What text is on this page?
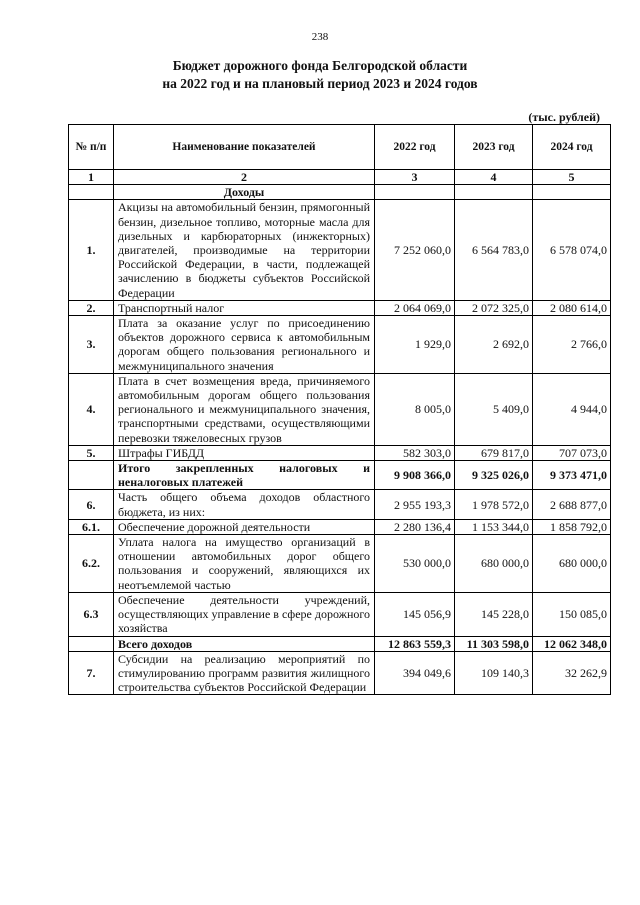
238
Бюджет дорожного фонда Белгородской области
на 2022 год и на плановый период 2023 и 2024 годов
(тыс. рублей)
№ п/п	Наименование показателей	2022 год	2023 год	2024 год
1	2	3	4	5
	Доходы			
1.	Акцизы на автомобильный бензин, прямогонный бензин, дизельное топливо, моторные масла для дизельных и карбюраторных (инжекторных) двигателей, производимые на территории Российской Федерации, в части, подлежащей зачислению в бюджеты субъектов Российской Федерации	7 252 060,0	6 564 783,0	6 578 074,0
2.	Транспортный налог	2 064 069,0	2 072 325,0	2 080 614,0
3.	Плата за оказание услуг по присоединению объектов дорожного сервиса к автомобильным дорогам общего пользования регионального и межмуниципального значения	1 929,0	2 692,0	2 766,0
4.	Плата в счет возмещения вреда, причиняемого автомобильным дорогам общего пользования регионального и межмуниципального значения, транспортными средствами, осуществляющими перевозки тяжеловесных грузов	8 005,0	5 409,0	4 944,0
5.	Штрафы ГИБДД	582 303,0	679 817,0	707 073,0
	Итого закрепленных налоговых и неналоговых платежей	9 908 366,0	9 325 026,0	9 373 471,0
6.	Часть общего объема доходов областного бюджета, из них:	2 955 193,3	1 978 572,0	2 688 877,0
6.1.	Обеспечение дорожной деятельности	2 280 136,4	1 153 344,0	1 858 792,0
6.2.	Уплата налога на имущество организаций в отношении автомобильных дорог общего пользования и сооружений, являющихся их неотъемлемой частью	530 000,0	680 000,0	680 000,0
6.3	Обеспечение деятельности учреждений, осуществляющих управление в сфере дорожного хозяйства	145 056,9	145 228,0	150 085,0
	Всего доходов	12 863 559,3	11 303 598,0	12 062 348,0
7.	Субсидии на реализацию мероприятий по стимулированию программ развития жилищного строительства субъектов Российской Федерации	394 049,6	109 140,3	32 262,9
